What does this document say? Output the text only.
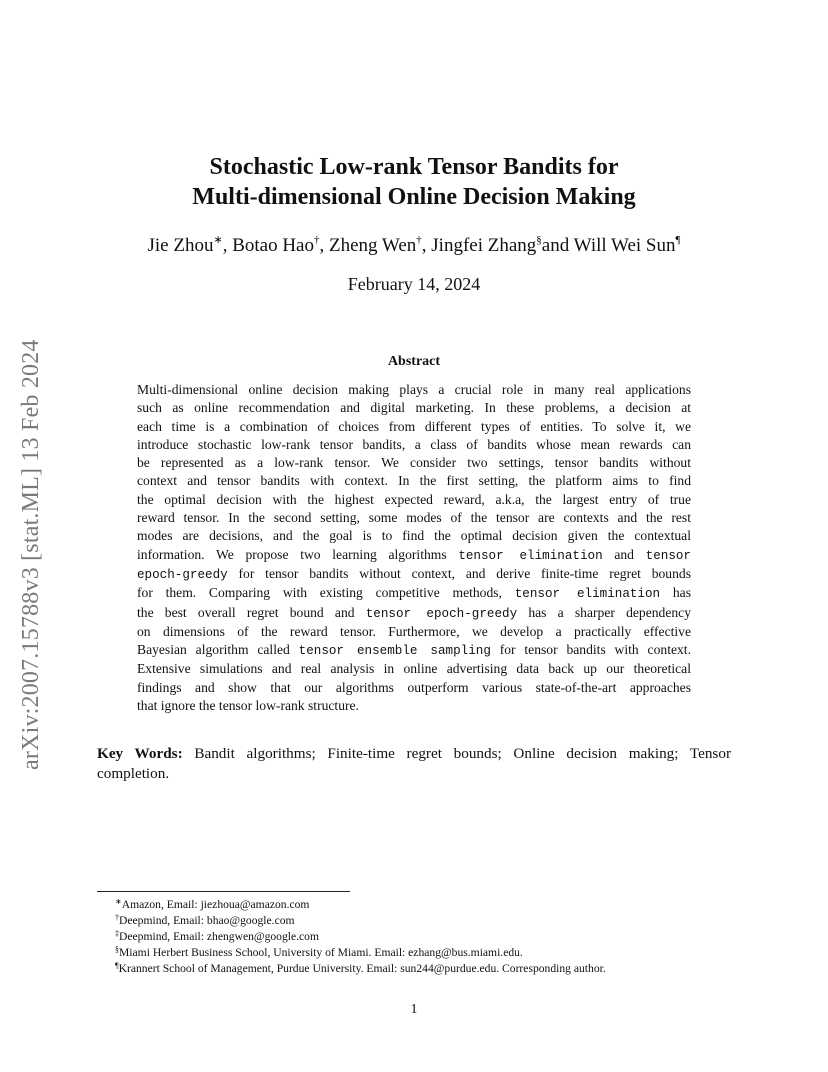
arXiv:2007.15788v3 [stat.ML] 13 Feb 2024
Stochastic Low-rank Tensor Bandits for
Multi-dimensional Online Decision Making
Jie Zhou∗, Botao Hao†, Zheng Wen†, Jingfei Zhang§and Will Wei Sun¶
February 14, 2024
Abstract
Multi-dimensional online decision making plays a crucial role in many real applications
such as online recommendation and digital marketing. In these problems, a decision at
each time is a combination of choices from different types of entities. To solve it, we
introduce stochastic low-rank tensor bandits, a class of bandits whose mean rewards can
be represented as a low-rank tensor. We consider two settings, tensor bandits without
context and tensor bandits with context. In the first setting, the platform aims to find
the optimal decision with the highest expected reward, a.k.a, the largest entry of true
reward tensor. In the second setting, some modes of the tensor are contexts and the rest
modes are decisions, and the goal is to find the optimal decision given the contextual
information. We propose two learning algorithms tensor elimination and tensor
epoch-greedy for tensor bandits without context, and derive finite-time regret bounds
for them. Comparing with existing competitive methods, tensor elimination has
the best overall regret bound and tensor epoch-greedy has a sharper dependency
on dimensions of the reward tensor. Furthermore, we develop a practically effective
Bayesian algorithm called tensor ensemble sampling for tensor bandits with context.
Extensive simulations and real analysis in online advertising data back up our theoretical
findings and show that our algorithms outperform various state-of-the-art approaches
that ignore the tensor low-rank structure.
Key Words: Bandit algorithms; Finite-time regret bounds; Online decision making; Tensor
completion.
∗Amazon, Email: jiezhoua@amazon.com
†Deepmind, Email: bhao@google.com
‡Deepmind, Email: zhengwen@google.com
§Miami Herbert Business School, University of Miami. Email: ezhang@bus.miami.edu.
¶Krannert School of Management, Purdue University. Email: sun244@purdue.edu. Corresponding author.
1
